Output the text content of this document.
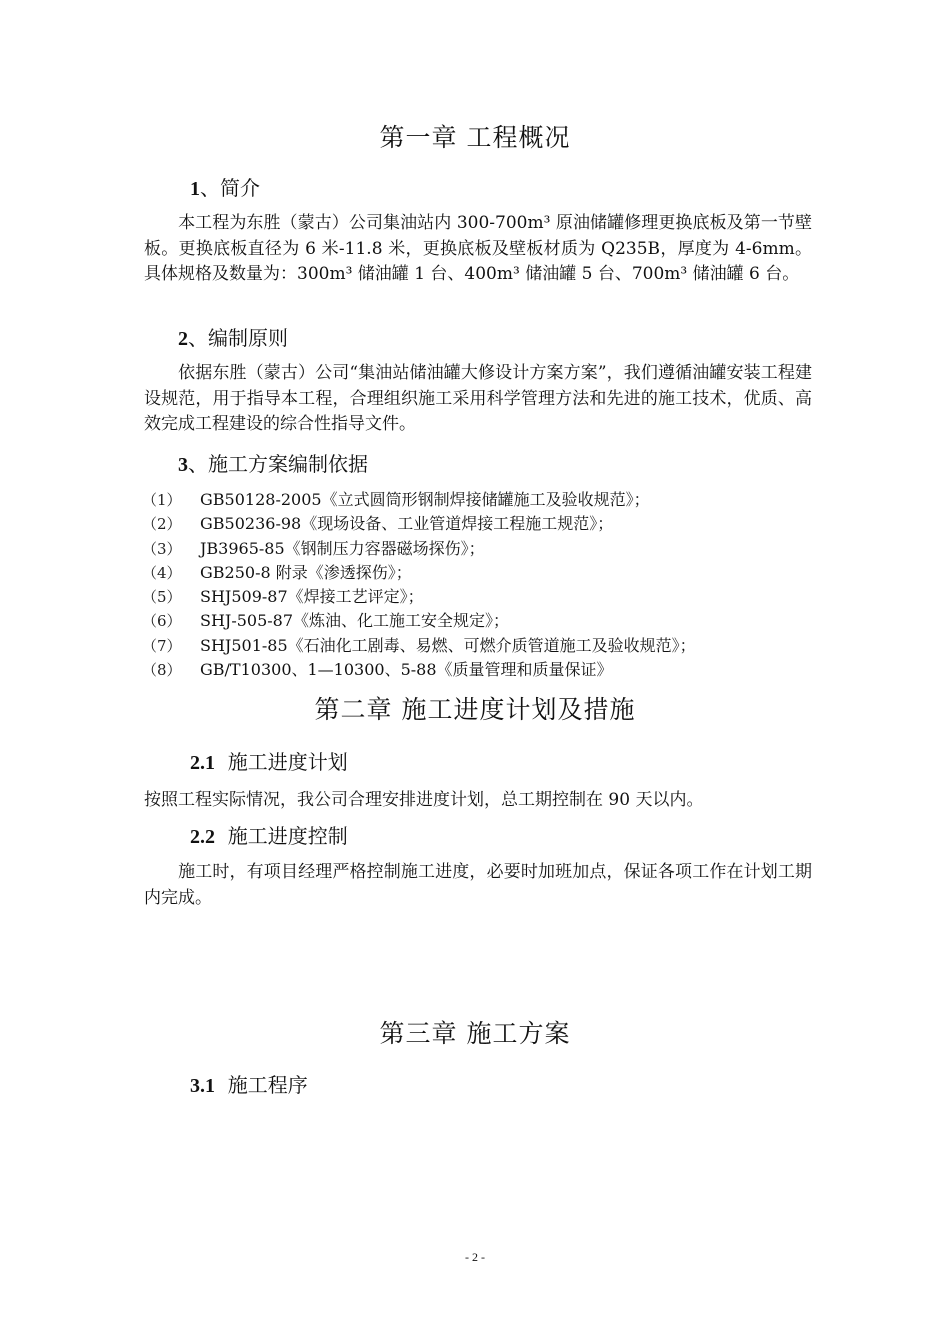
第一章 工程概况
1、简介
本工程为东胜（蒙古）公司集油站内 300-700m³ 原油储罐修理更换底板及第一节壁板。更换底板直径为 6 米-11.8 米，更换底板及壁板材质为 Q235B，厚度为 4-6mm。具体规格及数量为：300m³ 储油罐 1 台、400m³ 储油罐 5 台、700m³ 储油罐 6 台。
2、编制原则
依据东胜（蒙古）公司“集油站储油罐大修设计方案方案”，我们遵循油罐安装工程建设规范，用于指导本工程，合理组织施工采用科学管理方法和先进的施工技术，优质、高效完成工程建设的综合性指导文件。
3、施工方案编制依据
（1） GB50128-2005《立式圆筒形钢制焊接储罐施工及验收规范》；
（2） GB50236-98《现场设备、工业管道焊接工程施工规范》；
（3） JB3965-85《钢制压力容器磁场探伤》；
（4） GB250-8 附录《渗透探伤》；
（5） SHJ509-87《焊接工艺评定》；
（6） SHJ-505-87《炼油、化工施工安全规定》；
（7） SHJ501-85《石油化工剧毒、易燃、可燃介质管道施工及验收规范》；
（8） GB/T10300、1—10300、5-88《质量管理和质量保证》
第二章 施工进度计划及措施
2.1 施工进度计划
按照工程实际情况，我公司合理安排进度计划，总工期控制在 90 天以内。
2.2 施工进度控制
施工时，有项目经理严格控制施工进度，必要时加班加点，保证各项工作在计划工期内完成。
第三章 施工方案
3.1 施工程序
- 2 -
